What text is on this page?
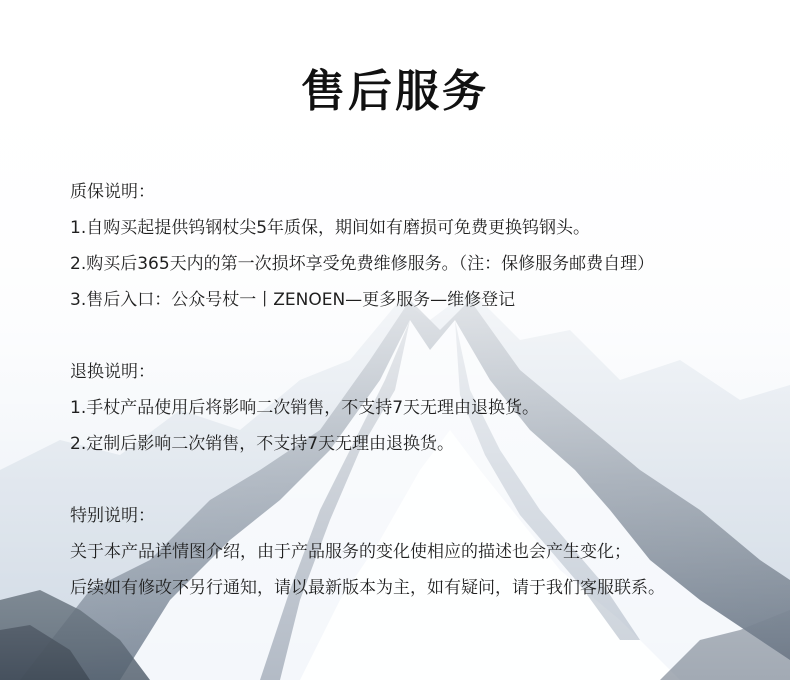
售后服务
质保说明：
1.自购买起提供钨钢杖尖5年质保，期间如有磨损可免费更换钨钢头。
2.购买后365天内的第一次损坏享受免费维修服务。（注：保修服务邮费自理）
3.售后入口：公众号杖一丨ZENOEN—更多服务—维修登记
退换说明：
1.手杖产品使用后将影响二次销售，不支持7天无理由退换货。
2.定制后影响二次销售，不支持7天无理由退换货。
特别说明：
关于本产品详情图介绍，由于产品服务的变化使相应的描述也会产生变化；
后续如有修改不另行通知，请以最新版本为主，如有疑问，请于我们客服联系。
